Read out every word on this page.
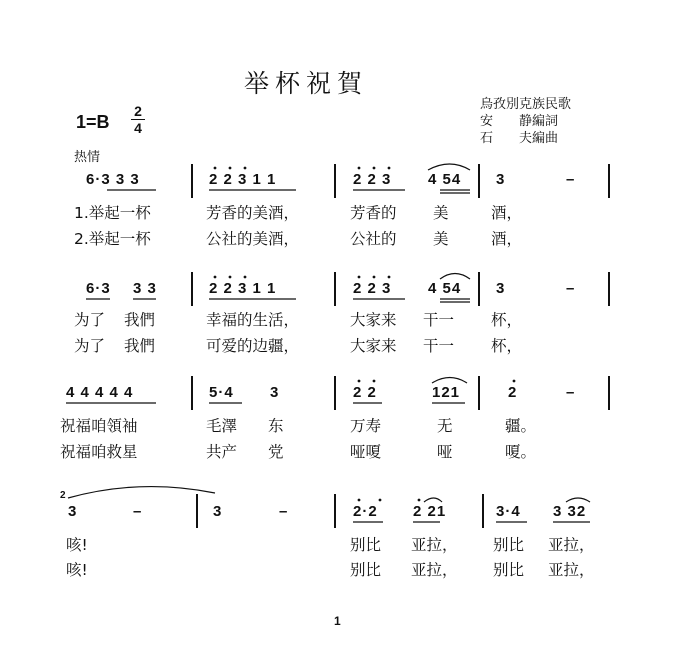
举杯祝賀
烏孜別克族民歌
安　　静編詞
石　　夫編曲
1=B
2
4
热情
6·3 3 3	2 2 3 1 1	2 2 3 4 54 3	–
1.举起一杯	芳香的美酒，	芳香的 美	酒，
2.举起一杯	公社的美酒，	公社的 美	酒，
6·3 3 3	2 2 3 1 1	2 2 3 4 54 3	–
为了 我們	幸福的生活，	大家来 干一 杯，
为了 我們	可爱的边疆，	大家来 干一 杯，
4 4 4 4 4	5·4 3	2 2	121	2	–
祝福咱領袖	毛澤 东	万寿	无	疆。
祝福咱救星	共产 党	哑嗄	哑	嗄。
2
3	–	3	–	2·2 2 21	3·4 3 32
咳!	别比 亚拉， 别比 亚拉，
咳!	别比 亚拉， 别比 亚拉，
1
